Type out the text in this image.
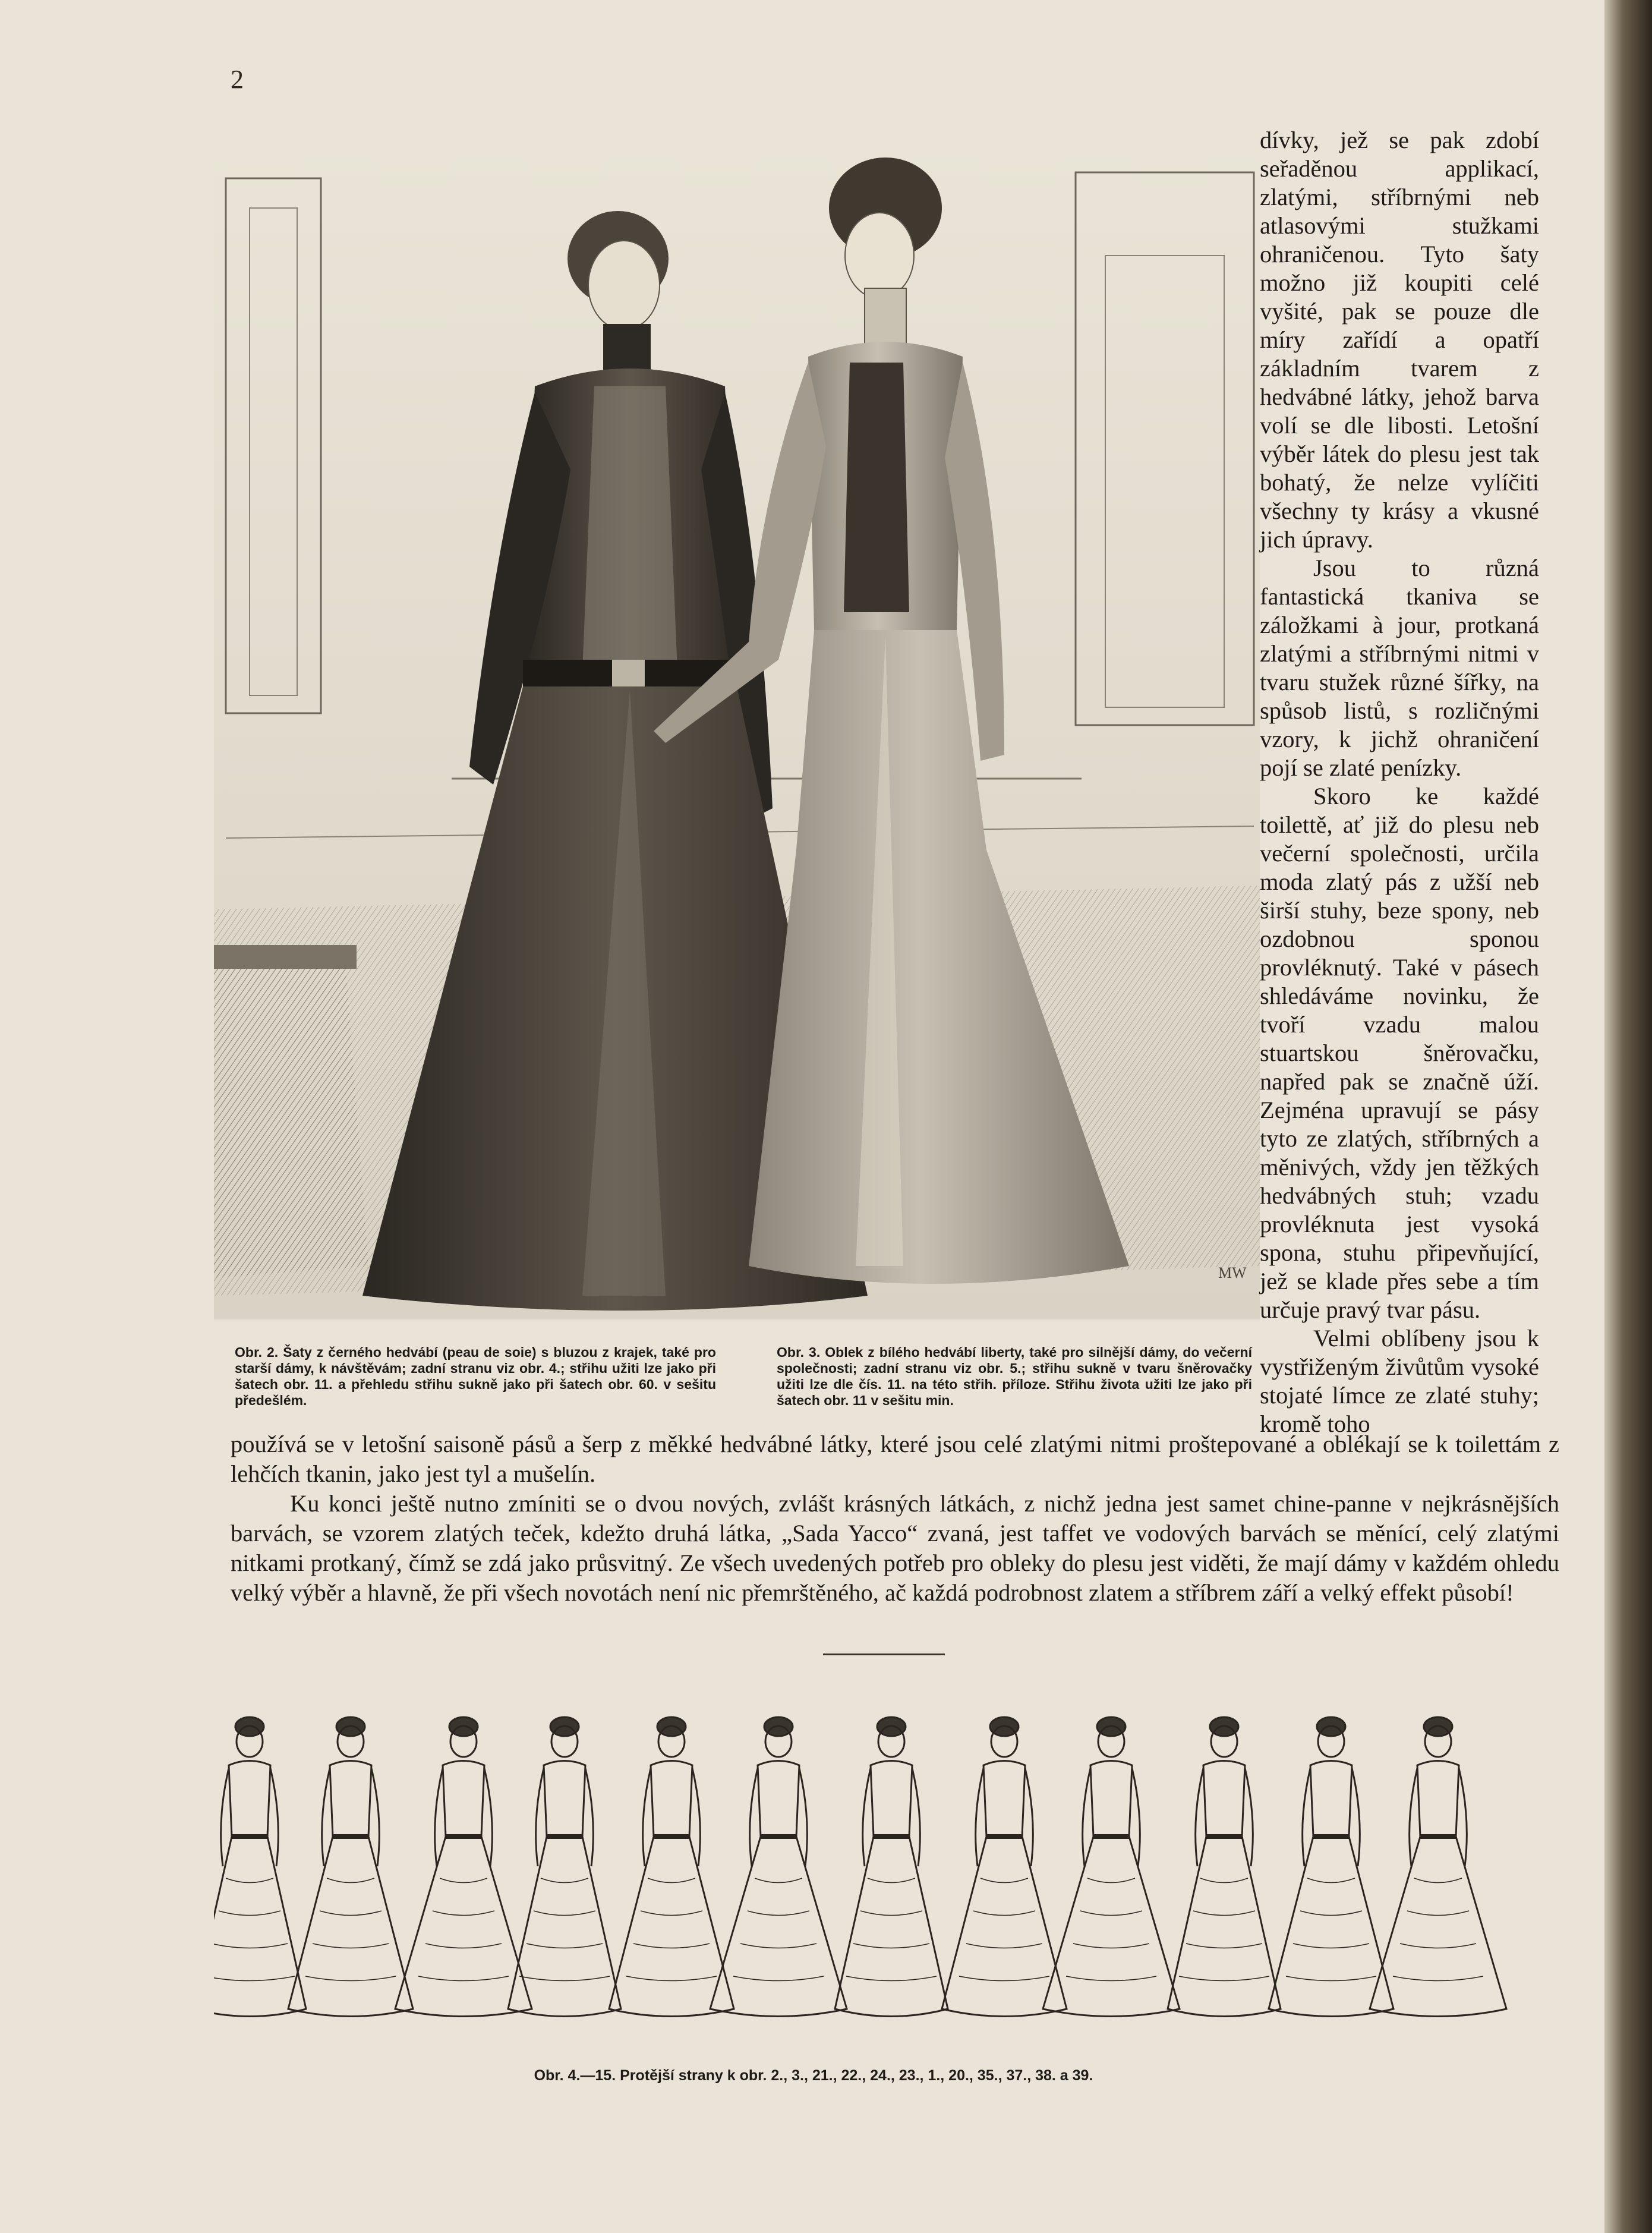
2
MW

dívky, jež se pak zdobí seřaděnou applikací, zlatými, stříbrnými neb atlasovými stužkami ohraničenou. Tyto šaty možno již koupiti celé vyšité, pak se pouze dle míry zařídí a opatří základním tvarem z hedvábné látky, jehož barva volí se dle libosti. Letošní výběr látek do plesu jest tak bohatý, že nelze vylíčiti všechny ty krásy a vkusné jich úpravy.

Jsou to různá fantastická tkaniva se záložkami à jour, protkaná zlatými a stříbrnými nitmi v tvaru stužek různé šířky, na spůsob listů, s rozličnými vzory, k jichž ohraničení pojí se zlaté penízky.

Skoro ke každé toilettě, ať již do plesu neb večerní společnosti, určila moda zlatý pás z užší neb širší stuhy, beze spony, neb ozdobnou sponou provléknutý. Také v pásech shledáváme novinku, že tvoří vzadu malou stuartskou šněrovačku, napřed pak se značně úží. Zejména upravují se pásy tyto ze zlatých, stříbrných a měnivých, vždy jen těžkých hedvábných stuh; vzadu provléknuta jest vysoká spona, stuhu připevňující, jež se klade přes sebe a tím určuje pravý tvar pásu.

Velmi oblíbeny jsou k vystřiženým živůtům vysoké stojaté límce ze zlaté stuhy; kromě toho

Obr. 2. Šaty z černého hedvábí (peau de soie) s bluzou z krajek, také pro starší dámy, k návštěvám; zadní stranu viz obr. 4.; střihu užiti lze jako při šatech obr. 11. a přehledu střihu sukně jako při šatech obr. 60. v sešitu předešlém.
Obr. 3. Oblek z bílého hedvábí liberty, také pro silnější dámy, do večerní společnosti; zadní stranu viz obr. 5.; střihu sukně v tvaru šněrovačky užiti lze dle čís. 11. na této střih. příloze. Střihu života užiti lze jako při šatech obr. 11 v sešitu min.

používá se v letošní saisoně pásů a šerp z měkké hedvábné látky, které jsou celé zlatými nitmi proštepované a oblékají se k toilettám z lehčích tkanin, jako jest tyl a mušelín.

Ku konci ještě nutno zmíniti se o dvou nových, zvlášt krásných látkách, z nichž jedna jest samet chine-panne v nejkrásnějších barvách, se vzorem zlatých teček, kdežto druhá látka, „Sada Yacco“ zvaná, jest taffet ve vodových barvách se měnící, celý zlatými nitkami protkaný, čímž se zdá jako průsvitný. Ze všech uvedených potřeb pro obleky do plesu jest viděti, že mají dámy v každém ohledu velký výběr a hlavně, že při všech novotách není nic přemrštěného, ač každá podrobnost zlatem a stříbrem září a velký effekt působí!

Obr. 4.—15. Protější strany k obr. 2., 3., 21., 22., 24., 23., 1., 20., 35., 37., 38. a 39.
